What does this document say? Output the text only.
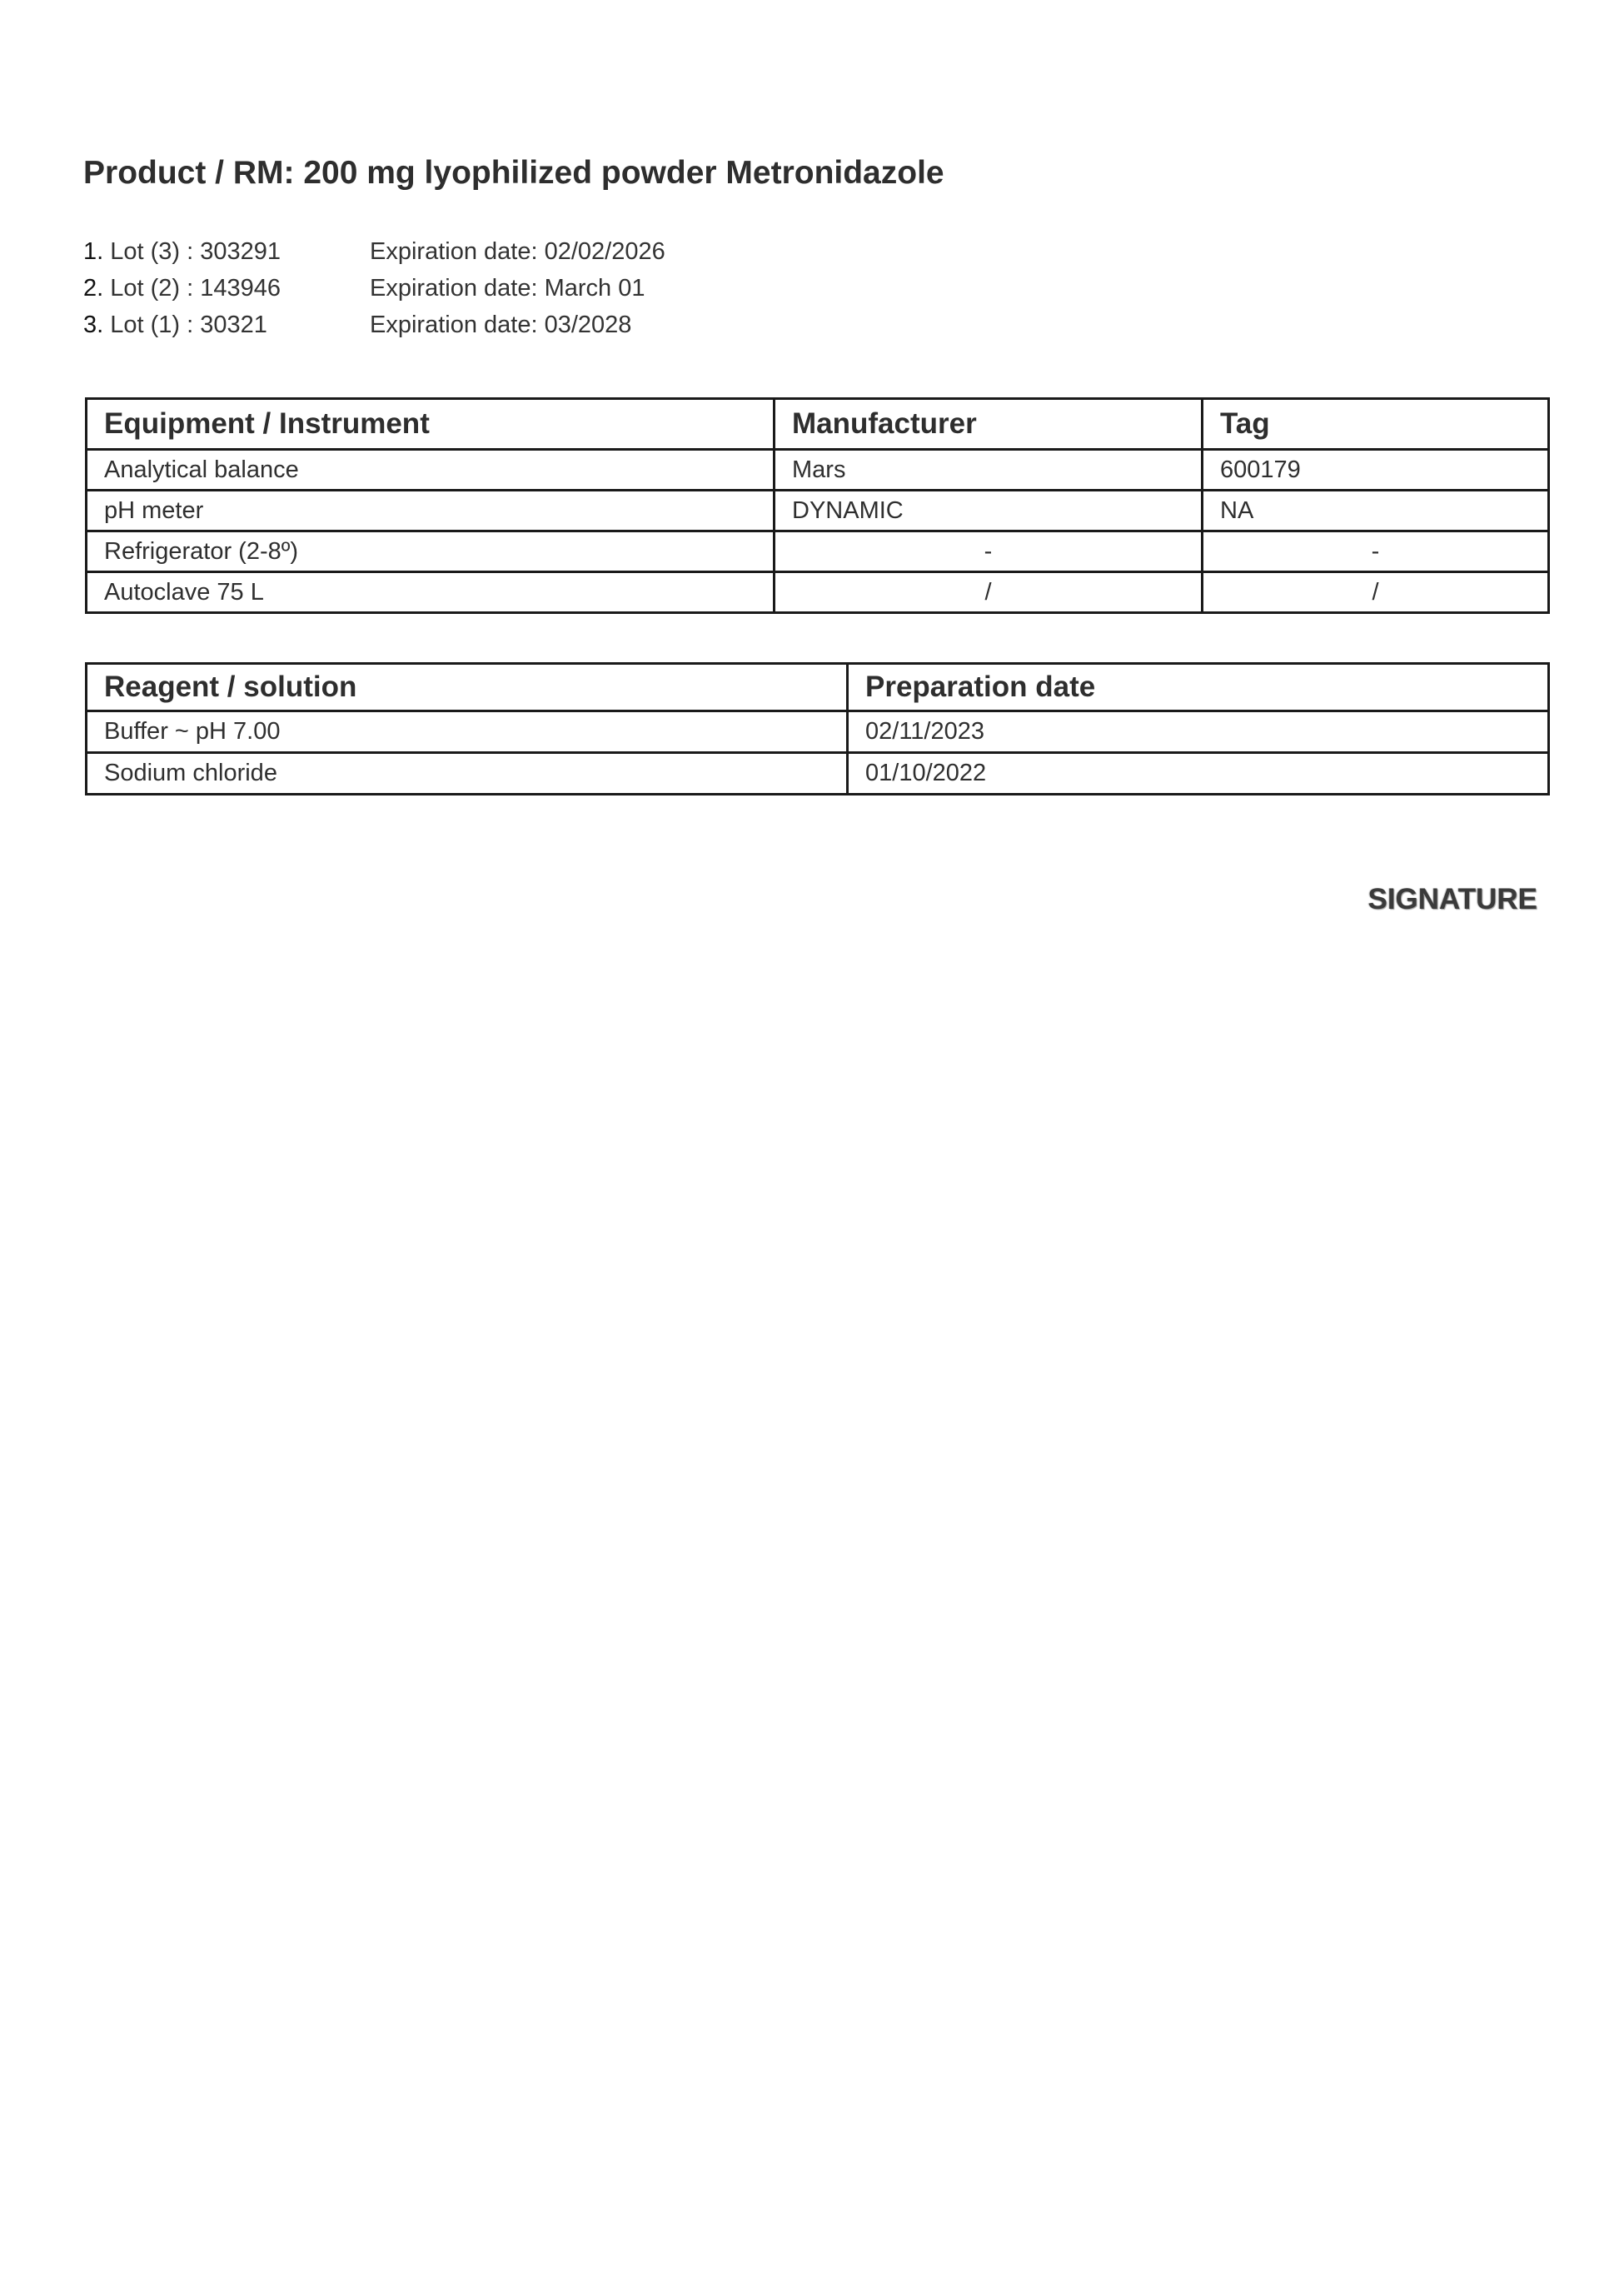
Product / RM: 200 mg lyophilized powder Metronidazole
1. Lot (3) : 303291	Expiration date: 02/02/2026
2. Lot (2) : 143946	Expiration date: March 01
3. Lot (1) : 30321	Expiration date: 03/2028
Equipment / Instrument	Manufacturer	Tag
Analytical balance	Mars	600179
pH meter	DYNAMIC	NA
Refrigerator (2-8º)	-	-
Autoclave 75 L	/	/
Reagent / solution	Preparation date
Buffer ~ pH 7.00	02/11/2023
Sodium chloride	01/10/2022
SIGNATURE
